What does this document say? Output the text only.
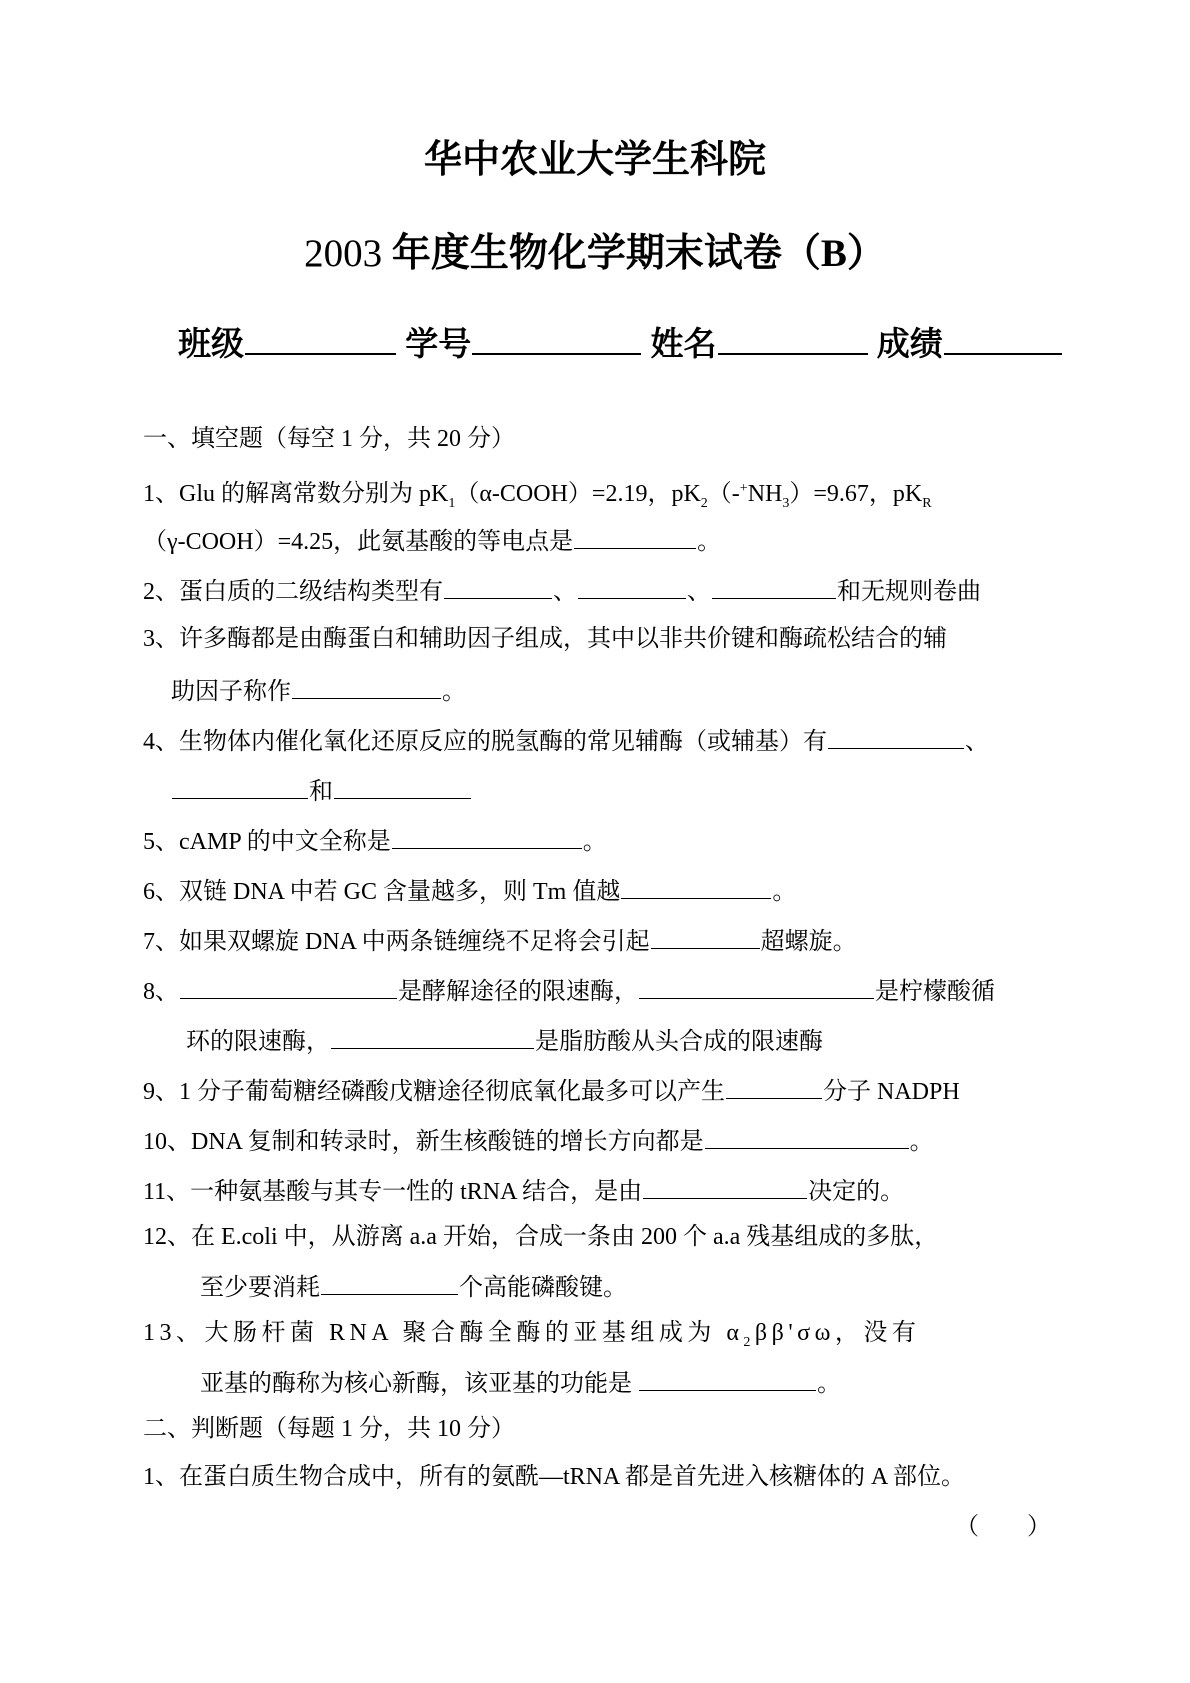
华中农业大学生科院
2003 年度生物化学期末试卷（B）
班级	学号	姓名	成绩
一、填空题（每空 1 分，共 20 分）
1、Glu 的解离常数分别为 $pK_1(\alpha-COOH)=2.19$，$pK_2(-^+NH_3)=9.67$，$pK_R$
（γ-COOH）=4.25，此氨基酸的等电点是	。
2、蛋白质的二级结构类型有	、	、	和无规则卷曲
3、许多酶都是由酶蛋白和辅助因子组成，其中以非共价键和酶疏松结合的辅
助因子称作	。
4、生物体内催化氧化还原反应的脱氢酶的常见辅酶（或辅基）有	、
和
5、cAMP 的中文全称是	。
6、双链 DNA 中若 GC 含量越多，则 Tm 值越	。
7、如果双螺旋 DNA 中两条链缠绕不足将会引起	超螺旋。
8、	是酵解途径的限速酶，	是柠檬酸循
环的限速酶，	是脂肪酸从头合成的限速酶
9、1 分子葡萄糖经磷酸戊糖途径彻底氧化最多可以产生	分子 NADPH
10、DNA 复制和转录时，新生核酸链的增长方向都是	。
11、一种氨基酸与其专一性的 tRNA 结合，是由	决定的。
12、在 E.coli 中，从游离 a.a 开始，合成一条由 200 个 a.a 残基组成的多肽，
至少要消耗	个高能磷酸键。
13、大肠杆菌 RNA 聚合酶全酶的亚基组成为 $\alpha_2\beta\beta'\sigma\omega$，没有
亚基的酶称为核心新酶，该亚基的功能是	。
二、判断题（每题 1 分，共 10 分）
1、在蛋白质生物合成中，所有的氨酰—tRNA 都是首先进入核糖体的 A 部位。
（　　）
